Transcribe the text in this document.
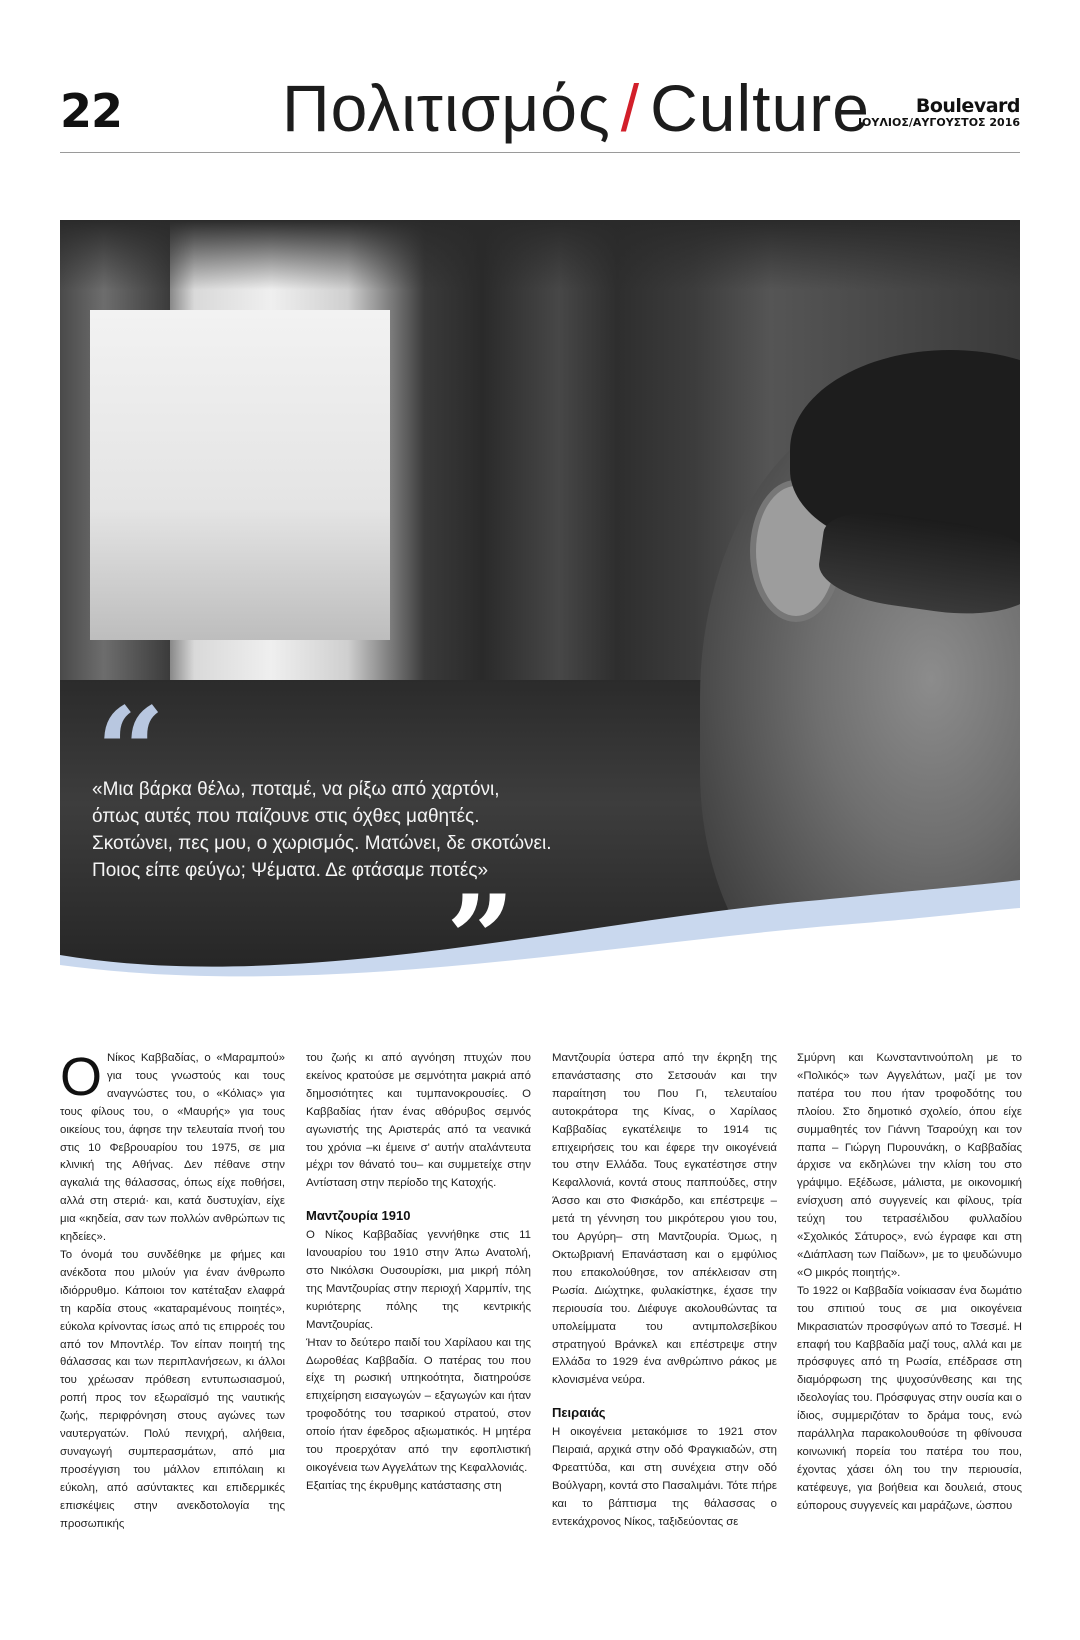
22 Πολιτισμός / Culture	Boulevard
ΙΟΥΛΙΟΣ/ΑΥΓΟΥΣΤΟΣ 2016
“
«Μια βάρκα θέλω, ποταμέ, να ρίξω από χαρτόνι,
όπως αυτές που παίζουνε στις όχθες μαθητές.
Σκοτώνει, πες μου, ο χωρισμός. Ματώνει, δε σκοτώνει.
Ποιος είπε φεύγω; Ψέματα. Δε φτάσαμε ποτές»
”
Ο Νίκος Καββαδίας, ο «Μαραμπού» για τους γνωστούς και τους αναγνώστες του, ο «Κόλιας» για τους φίλους του, ο «Μαυρής» για τους οικείους του, άφησε την τελευταία πνοή του στις 10 Φεβρουαρίου του 1975, σε μια κλινική της Αθήνας. Δεν πέθανε στην αγκαλιά της θάλασσας, όπως είχε ποθήσει, αλλά στη στεριά· και, κατά δυστυχίαν, είχε μια «κηδεία, σαν των πολλών ανθρώπων τις κηδείες».

Το όνομά του συνδέθηκε με φήμες και ανέκδοτα που μιλούν για έναν άνθρωπο ιδιόρρυθμο. Κάποιοι τον κατέταξαν ελαφρά τη καρδία στους «καταραμένους ποιητές», εύκολα κρίνοντας ίσως από τις επιρροές του από τον Μποντλέρ. Τον είπαν ποιητή της θάλασσας και των περιπλανήσεων, κι άλλοι του χρέωσαν πρόθεση εντυπωσιασμού, ροπή προς τον εξωραϊσμό της ναυτικής ζωής, περιφρόνηση στους αγώνες των ναυτεργατών. Πολύ πενιχρή, αλήθεια, συναγωγή συμπερασμάτων, από μια προσέγγιση του μάλλον επιπόλαιη κι εύκολη, από ασύντακτες και επιδερμικές επισκέψεις στην ανεκδοτολογία της προσωπικής

του ζωής κι από αγνόηση πτυχών που εκείνος κρατούσε με σεμνότητα μακριά από δημοσιότητες και τυμπανοκρουσίες. Ο Καββαδίας ήταν ένας αθόρυβος σεμνός αγωνιστής της Αριστεράς από τα νεανικά του χρόνια –κι έμεινε σ' αυτήν αταλάντευτα μέχρι τον θάνατό του– και συμμετείχε στην Αντίσταση στην περίοδο της Κατοχής.

Μαντζουρία 1910

Ο Νίκος Καββαδίας γεννήθηκε στις 11 Ιανουαρίου του 1910 στην Άπω Ανατολή, στο Νικόλσκι Ουσουρίσκι, μια μικρή πόλη της Μαντζουρίας στην περιοχή Χαρμπίν, της κυριότερης πόλης της κεντρικής Μαντζουρίας.

Ήταν το δεύτερο παιδί του Χαρίλαου και της Δωροθέας Καββαδία. Ο πατέρας του που είχε τη ρωσική υπηκοότητα, διατηρούσε επιχείρηση εισαγωγών – εξαγωγών και ήταν τροφοδότης του τσαρικού στρατού, στον οποίο ήταν έφεδρος αξιωματικός. Η μητέρα του προερχόταν από την εφοπλιστική οικογένεια των Αγγελάτων της Κεφαλλονιάς.

Εξαιτίας της έκρυθμης κατάστασης στη

Μαντζουρία ύστερα από την έκρηξη της επανάστασης στο Σετσουάν και την παραίτηση του Που Γι, τελευταίου αυτοκράτορα της Κίνας, ο Χαρίλαος Καββαδίας εγκατέλειψε το 1914 τις επιχειρήσεις του και έφερε την οικογένειά του στην Ελλάδα. Τους εγκατέστησε στην Κεφαλλονιά, κοντά στους παππούδες, στην Άσσο και στο Φισκάρδο, και επέστρεψε –μετά τη γέννηση του μικρότερου γιου του, του Αργύρη– στη Μαντζουρία. Όμως, η Οκτωβριανή Επανάσταση και ο εμφύλιος που επακολούθησε, τον απέκλεισαν στη Ρωσία. Διώχτηκε, φυλακίστηκε, έχασε την περιουσία του. Διέφυγε ακολουθώντας τα υπολείμματα του αντιμπολσεβίκου στρατηγού Βράνκελ και επέστρεψε στην Ελλάδα το 1929 ένα ανθρώπινο ράκος με κλονισμένα νεύρα.

Πειραιάς

Η οικογένεια μετακόμισε το 1921 στον Πειραιά, αρχικά στην οδό Φραγκιαδών, στη Φρεαττύδα, και στη συνέχεια στην οδό Βούλγαρη, κοντά στο Πασαλιμάνι. Τότε πήρε και το βάπτισμα της θάλασσας ο εντεκάχρονος Νίκος, ταξιδεύοντας σε

Σμύρνη και Κωνσταντινούπολη με το «Πολικός» των Αγγελάτων, μαζί με τον πατέρα του που ήταν τροφοδότης του πλοίου. Στο δημοτικό σχολείο, όπου είχε συμμαθητές τον Γιάννη Τσαρούχη και τον παπα – Γιώργη Πυρουνάκη, ο Καββαδίας άρχισε να εκδηλώνει την κλίση του στο γράψιμο. Εξέδωσε, μάλιστα, με οικονομική ενίσχυση από συγγενείς και φίλους, τρία τεύχη του τετρασέλιδου φυλλαδίου «Σχολικός Σάτυρος», ενώ έγραφε και στη «Διάπλαση των Παίδων», με το ψευδώνυμο «Ο μικρός ποιητής».

Το 1922 οι Καββαδία νοίκιασαν ένα δωμάτιο του σπιτιού τους σε μια οικογένεια Μικρασιατών προσφύγων από το Τσεσμέ. Η επαφή του Καββαδία μαζί τους, αλλά και με πρόσφυγες από τη Ρωσία, επέδρασε στη διαμόρφωση της ψυχοσύνθεσης και της ιδεολογίας του. Πρόσφυγας στην ουσία και ο ίδιος, συμμεριζόταν το δράμα τους, ενώ παράλληλα παρακολουθούσε τη φθίνουσα κοινωνική πορεία του πατέρα του που, έχοντας χάσει όλη του την περιουσία, κατέφευγε, για βοήθεια και δουλειά, στους εύπορους συγγενείς και μαράζωνε, ώσπου
